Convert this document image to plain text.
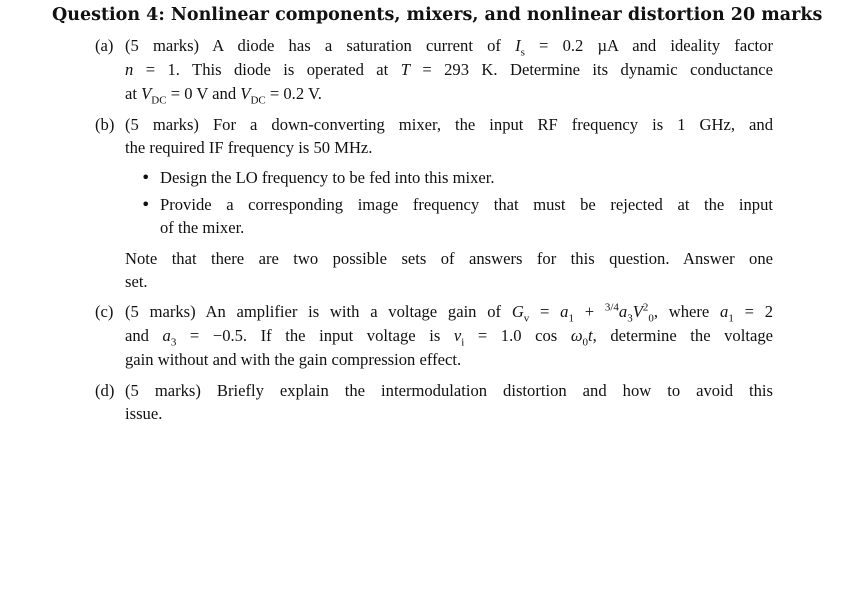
Question 4: Nonlinear components, mixers, and nonlinear distortion 20 marks
(a) (5 marks) A diode has a saturation current of $I_s = 0.2$ µA and ideality factor
n = 1. This diode is operated at T = 293 K. Determine its dynamic conductance
at $V_{DC} = 0$ V and $V_{DC} = 0.2$ V.
(b) (5 marks) For a down-converting mixer, the input RF frequency is 1 GHz, and
the required IF frequency is 50 MHz.
• Design the LO frequency to be fed into this mixer.
• Provide a corresponding image frequency that must be rejected at the input
of the mixer.
Note that there are two possible sets of answers for this question. Answer one
set.
(c) (5 marks) An amplifier is with a voltage gain of $G_v = a_1 + ^{3/4}a_3V^2_0$, where $a_1 = 2$
and $a_3 = -0.5$. If the input voltage is $v_i = 1.0$ $\cos \omega_0t$, determine the voltage
gain without and with the gain compression effect.
(d) (5 marks) Briefly explain the intermodulation distortion and how to avoid this
issue.
